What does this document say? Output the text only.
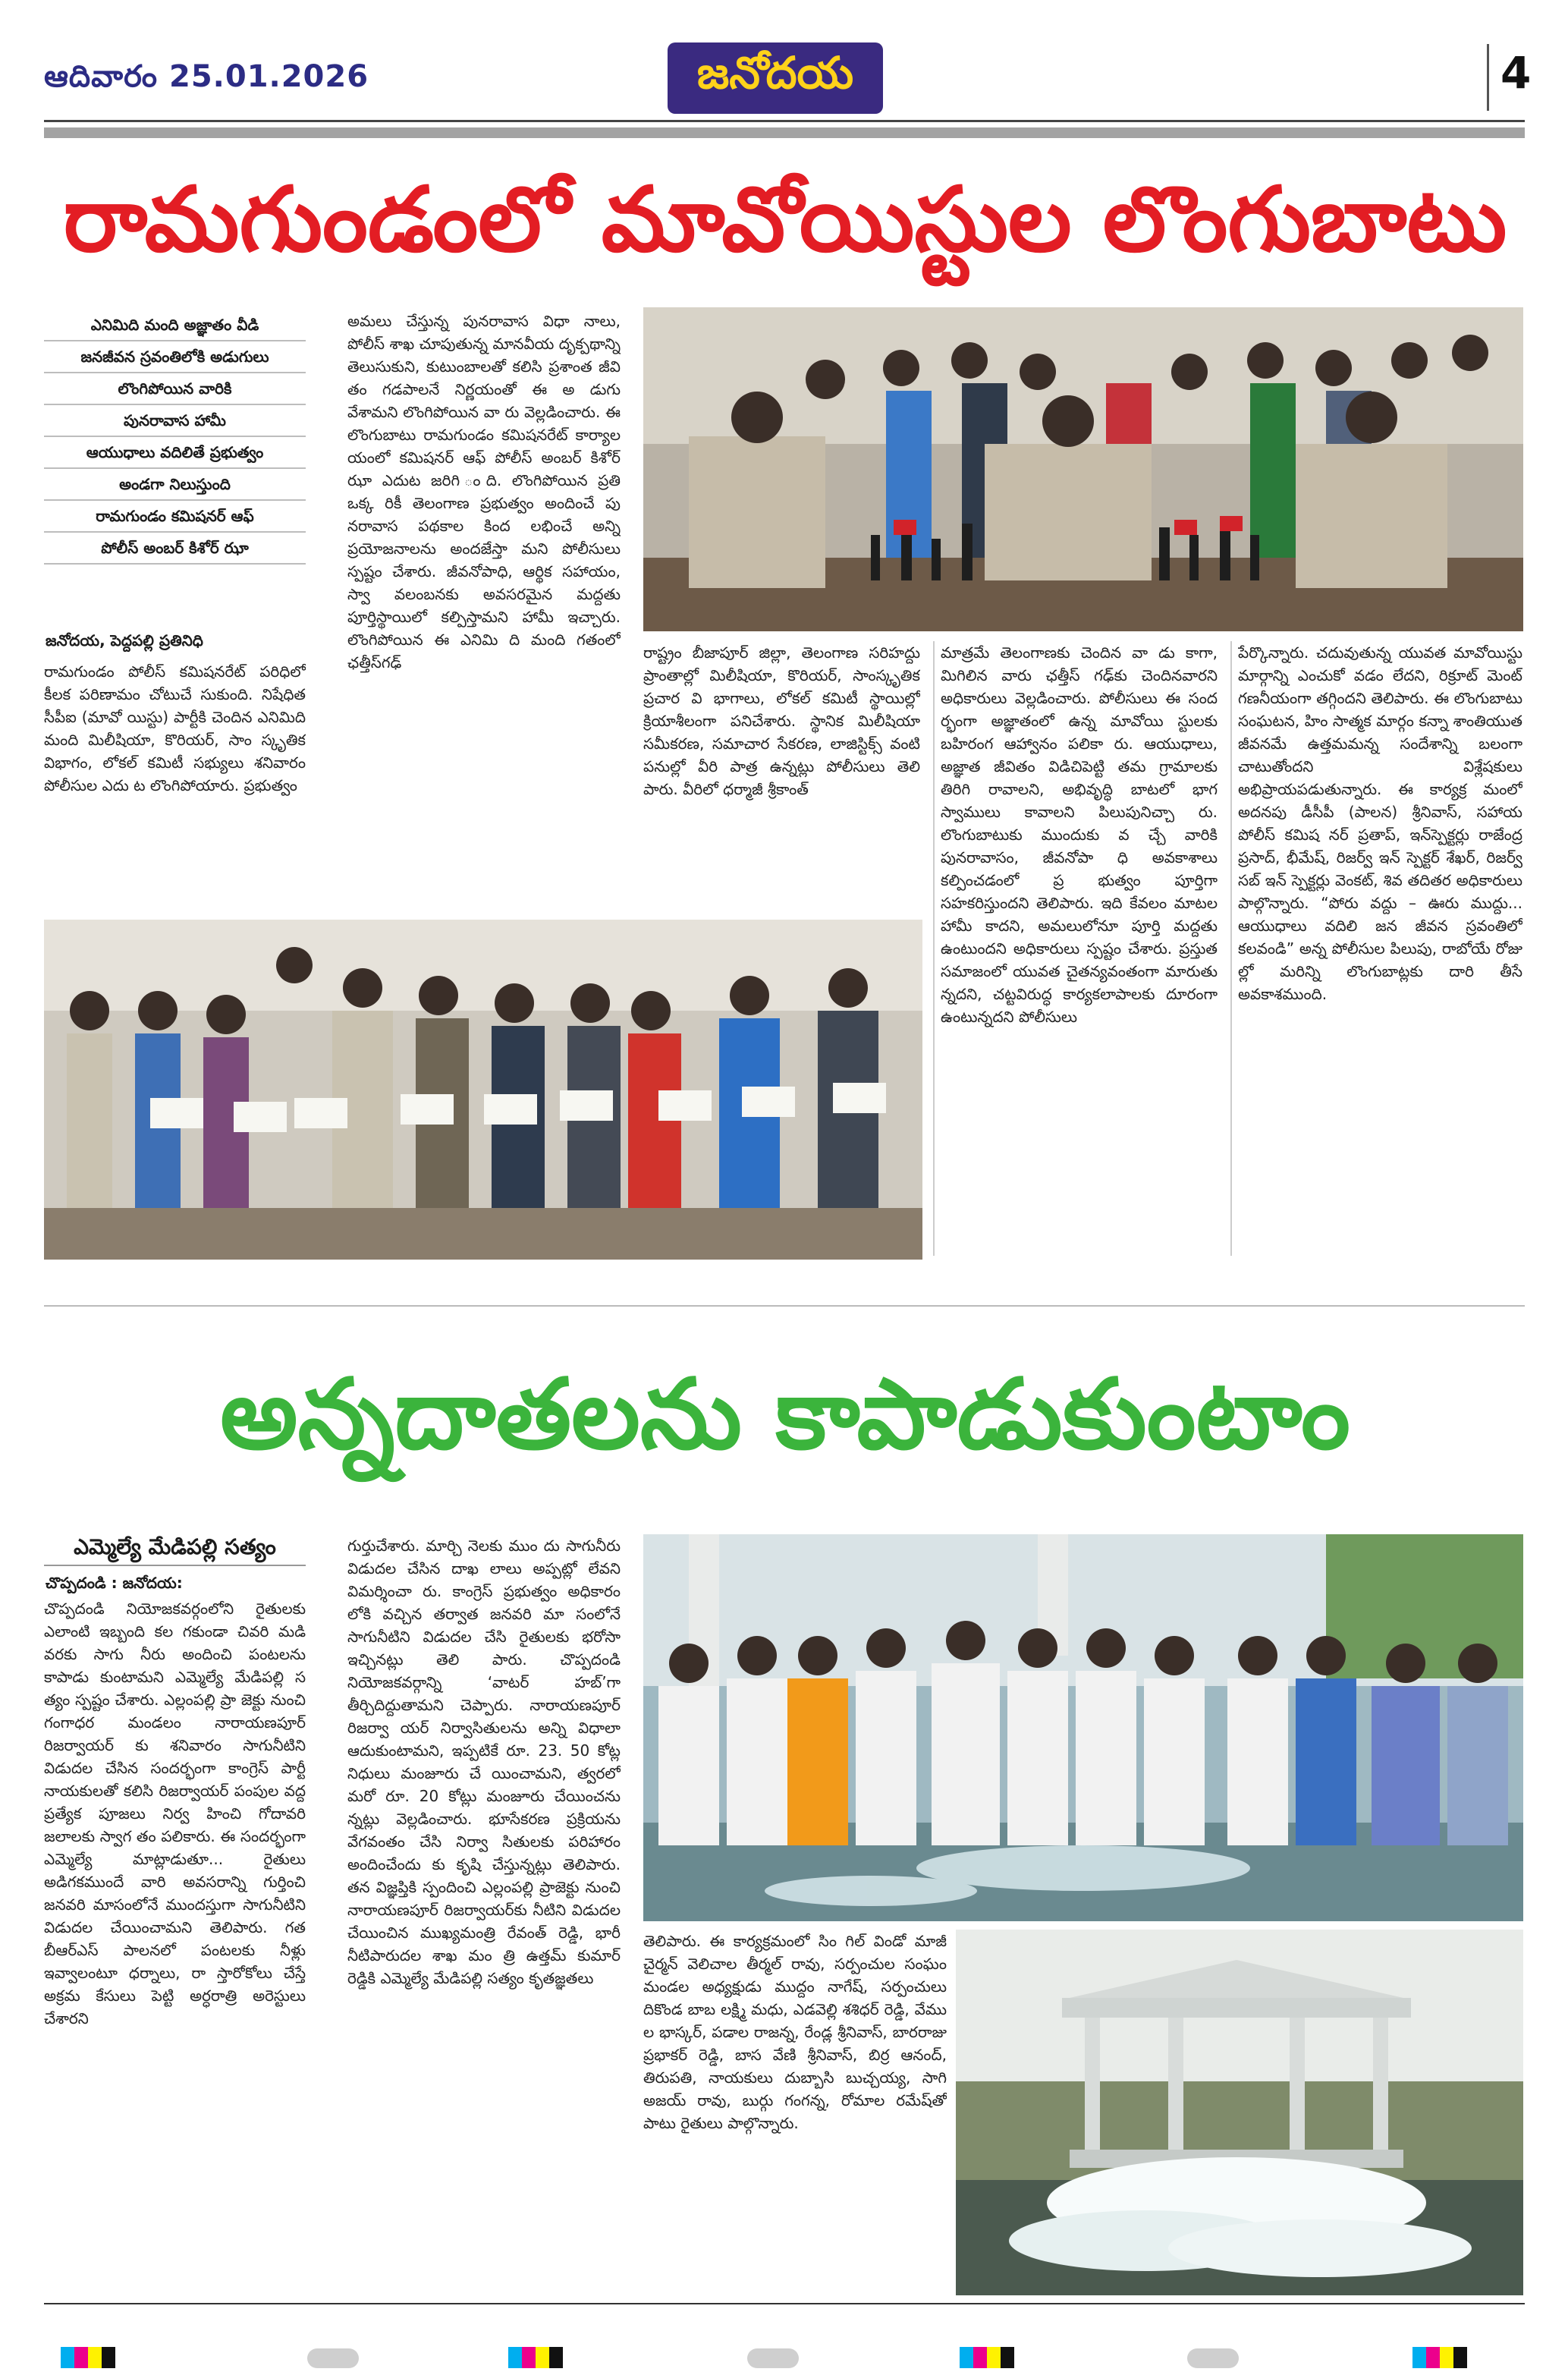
ఆదివారం 25.01.2026	జనోదయ	4
రామగుండంలో మావోయిస్టుల లొంగుబాటు
ఎనిమిది మంది అజ్ఞాతం వీడి
జనజీవన స్రవంతిలోకి అడుగులు
లొంగిపోయిన వారికి
పునరావాస హామీ
ఆయుధాలు వదిలితే ప్రభుత్వం
అండగా నిలుస్తుంది
రామగుండం కమిషనర్ ఆఫ్
పోలీస్ అంబర్ కిశోర్ ఝా
జనోదయ, పెద్దపల్లి ప్రతినిధి

రామగుండం పోలీస్ కమిషనరేట్ పరిధిలో కీలక పరిణామం చోటుచే సుకుంది. నిషేధిత సీపీఐ (మావో యిస్టు) పార్టీకి చెందిన ఎనిమిది మంది మిలీషియా, కొరియర్, సాం స్కృతిక విభాగం, లోకల్ కమిటీ సభ్యులు శనివారం పోలీసుల ఎదు ట లొంగిపోయారు. ప్రభుత్వం

అమలు చేస్తున్న పునరావాస విధా నాలు, పోలీస్ శాఖ చూపుతున్న మానవీయ దృక్పథాన్ని తెలుసుకుని, కుటుంబాలతో కలిసి ప్రశాంత జీవి తం గడపాలనే నిర్ణయంతో ఈ అ డుగు వేశామని లొంగిపోయిన వా రు వెల్లడించారు. ఈ లొంగుబాటు రామగుండం కమిషనరేట్ కార్యాల యంలో కమిషనర్ ఆఫ్ పోలీస్ అంబర్ కిశోర్ ఝా ఎదుట జరిగి ంది. లొంగిపోయిన ప్రతి ఒక్క రికీ తెలంగాణ ప్రభుత్వం అందించే పు నరావాస పథకాల కింద లభించే అన్ని ప్రయోజనాలను అందజేస్తా మని పోలీసులు స్పష్టం చేశారు. జీవనోపాధి, ఆర్థిక సహాయం, స్వా వలంబనకు అవసరమైన మద్దతు పూర్తిస్థాయిలో కల్పిస్తామని హామీ ఇచ్చారు. లొంగిపోయిన ఈ ఎనిమి ది మంది గతంలో ఛత్తీస్‌గఢ్

రాష్ట్రం బీజాపూర్ జిల్లా, తెలంగాణ సరిహద్దు ప్రాంతాల్లో మిలీషియా, కొరియర్, సాంస్కృతిక ప్రచార వి భాగాలు, లోకల్ కమిటీ స్థాయిల్లో క్రియాశీలంగా పనిచేశారు. స్థానిక మిలీషియా సమీకరణ, సమాచార సేకరణ, లాజిస్టిక్స్ వంటి పనుల్లో వీరి పాత్ర ఉన్నట్లు పోలీసులు తెలి పారు. వీరిలో ధర్మాజీ శ్రీకాంత్

మాత్రమే తెలంగాణకు చెందిన వా డు కాగా, మిగిలిన వారు ఛత్తీస్ గఢ్‌కు చెందినవారని అధికారులు వెల్లడించారు. పోలీసులు ఈ సంద ర్భంగా అజ్ఞాతంలో ఉన్న మావోయి స్టులకు బహిరంగ ఆహ్వానం పలికా రు. ఆయుధాలు, అజ్ఞాత జీవితం విడిచిపెట్టి తమ గ్రామాలకు తిరిగి రావాలని, అభివృద్ధి బాటలో భాగ స్వాములు కావాలని పిలుపునిచ్చా రు. లొంగుబాటుకు ముందుకు వ చ్చే వారికి పునరావాసం, జీవనోపా ధి అవకాశాలు కల్పించడంలో ప్ర భుత్వం పూర్తిగా సహకరిస్తుందని తెలిపారు. ఇది కేవలం మాటల హామీ కాదని, అమలులోనూ పూర్తి మద్దతు ఉంటుందని అధికారులు స్పష్టం చేశారు. ప్రస్తుత సమాజంలో యువత చైతన్యవంతంగా మారుతు న్నదని, చట్టవిరుద్ధ కార్యకలాపాలకు దూరంగా ఉంటున్నదని పోలీసులు

పేర్కొన్నారు. చదువుతున్న యువత మావోయిస్టు మార్గాన్ని ఎంచుకో వడం లేదని, రిక్రూట్ మెంట్ గణనీయంగా తగ్గిందని తెలిపారు. ఈ లొంగుబాటు సంఘటన, హిం సాత్మక మార్గం కన్నా శాంతియుత జీవనమే ఉత్తమమన్న సందేశాన్ని బలంగా చాటుతోందని విశ్లేషకులు అభిప్రాయపడుతున్నారు. ఈ కార్యక్ర మంలో అదనపు డీసీపీ (పాలన) శ్రీనివాస్, సహాయ పోలీస్ కమిష నర్ ప్రతాప్, ఇన్‌స్పెక్టర్లు రాజేంద్ర ప్రసాద్, భీమేష్, రిజర్వ్ ఇన్ స్పెక్టర్ శేఖర్, రిజర్వ్ సబ్ ఇన్ స్పెక్టర్లు వెంకట్, శివ తదితర అధికారులు పాల్గొన్నారు. “పోరు వద్దు – ఊరు ముద్దు... ఆయుధాలు వదిలి జన జీవన స్రవంతిలో కలవండి” అన్న పోలీసుల పిలుపు, రాబోయే రోజు ల్లో మరిన్ని లొంగుబాట్లకు దారి తీసే అవకాశముంది.

అన్నదాతలను కాపాడుకుంటాం
ఎమ్మెల్యే మేడిపల్లి సత్యం
చొప్పదండి : జనోదయ:

చొప్పదండి నియోజకవర్గంలోని రైతులకు ఎలాంటి ఇబ్బంది కల గకుండా చివరి మడి వరకు సాగు నీరు అందించి పంటలను కాపాడు కుంటామని ఎమ్మెల్యే మేడిపల్లి స త్యం స్పష్టం చేశారు. ఎల్లంపల్లి ప్రా జెక్టు నుంచి గంగాధర మండలం నారాయణపూర్ రిజర్వాయర్ కు శనివారం సాగునీటిని విడుదల చేసిన సందర్భంగా కాంగ్రెస్ పార్టీ నాయకులతో కలిసి రిజర్వాయర్ పంపుల వద్ద ప్రత్యేక పూజలు నిర్వ హించి గోదావరి జలాలకు స్వాగ తం పలికారు. ఈ సందర్భంగా ఎమ్మెల్యే మాట్లాడుతూ... రైతులు అడిగకముందే వారి అవసరాన్ని గుర్తించి జనవరి మాసంలోనే ముందస్తుగా సాగునీటిని విడుదల చేయించామని తెలిపారు. గత బీఆర్ఎస్ పాలనలో పంటలకు నీళ్లు ఇవ్వాలంటూ ధర్నాలు, రా స్తారోకోలు చేస్తే అక్రమ కేసులు పెట్టి అర్ధరాత్రి అరెస్టులు చేశారని

గుర్తుచేశారు. మార్చి నెలకు ముం దు సాగునీరు విడుదల చేసిన దాఖ లాలు అప్పట్లో లేవని విమర్శించా రు. కాంగ్రెస్ ప్రభుత్వం అధికారం లోకి వచ్చిన తర్వాత జనవరి మా సంలోనే సాగునీటిని విడుదల చేసి రైతులకు భరోసా ఇచ్చినట్లు తెలి పారు. చొప్పదండి నియోజకవర్గాన్ని ‘వాటర్ హబ్’గా తీర్చిదిద్దుతామని చెప్పారు. నారాయణపూర్ రిజర్వా యర్ నిర్వాసితులను అన్ని విధాలా ఆదుకుంటామని, ఇప్పటికే రూ. 23. 50 కోట్ల నిధులు మంజూరు చే యించామని, త్వరలో మరో రూ. 20 కోట్లు మంజూరు చేయించను న్నట్లు వెల్లడించారు. భూసేకరణ ప్రక్రియను వేగవంతం చేసి నిర్వా సితులకు పరిహారం అందించేందు కు కృషి చేస్తున్నట్లు తెలిపారు. తన విజ్ఞప్తికి స్పందించి ఎల్లంపల్లి ప్రాజెక్టు నుంచి నారాయణపూర్ రిజర్వాయర్‌కు నీటిని విడుదల చేయించిన ముఖ్యమంత్రి రేవంత్ రెడ్డి, భారీ నీటిపారుదల శాఖ మం త్రి ఉత్తమ్ కుమార్ రెడ్డికి ఎమ్మెల్యే మేడిపల్లి సత్యం కృతజ్ఞతలు

తెలిపారు. ఈ కార్యక్రమంలో సిం గిల్ విండో మాజీ చైర్మన్ వెలిచాల తీర్మల్ రావు, సర్పంచుల సంఘం మండల అధ్యక్షుడు ముద్దం నాగేష్, సర్పంచులు దికొండ బాబ లక్ష్మి మధు, ఎడవెల్లి శశిధర్ రెడ్డి, వేము ల భాస్కర్, పడాల రాజన్న, రేండ్ల శ్రీనివాస్, బారరాజు ప్రభాకర్ రెడ్డి, బాస వేణి శ్రీనివాస్, బిర్ర ఆనంద్, తిరుపతి, నాయకులు దుబ్బాసి బుచ్చయ్య, సాగి అజయ్ రావు, బుర్గు గంగన్న, రోమాల రమేష్‌తో పాటు రైతులు పాల్గొన్నారు.
